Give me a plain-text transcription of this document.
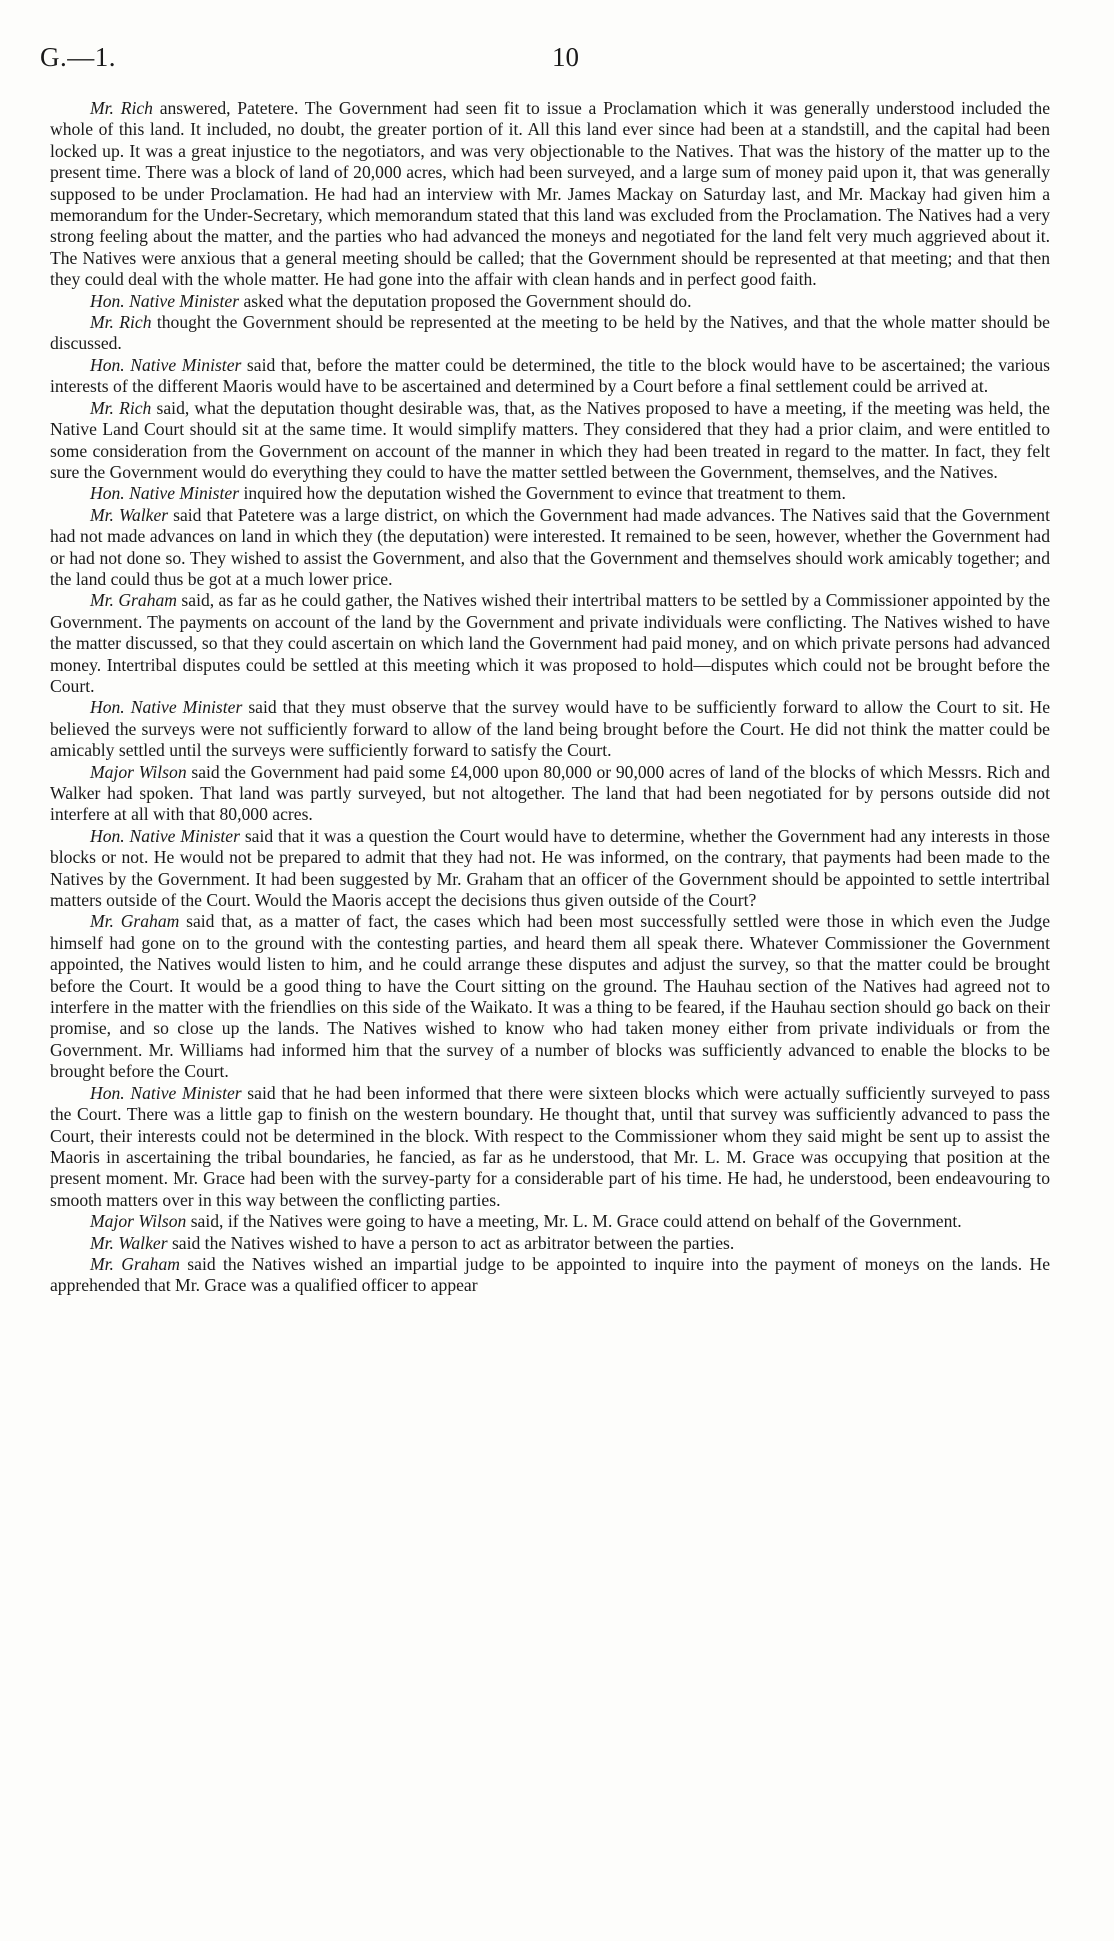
G.—1.	10

Mr. Rich answered, Patetere. The Government had seen fit to issue a Proclamation which it was generally understood included the whole of this land. It included, no doubt, the greater portion of it. All this land ever since had been at a standstill, and the capital had been locked up. It was a great injustice to the negotiators, and was very objectionable to the Natives. That was the history of the matter up to the present time. There was a block of land of 20,000 acres, which had been surveyed, and a large sum of money paid upon it, that was generally supposed to be under Proclamation. He had had an interview with Mr. James Mackay on Saturday last, and Mr. Mackay had given him a memorandum for the Under-Secretary, which memorandum stated that this land was excluded from the Proclamation. The Natives had a very strong feeling about the matter, and the parties who had advanced the moneys and negotiated for the land felt very much aggrieved about it. The Natives were anxious that a general meeting should be called; that the Government should be represented at that meeting; and that then they could deal with the whole matter. He had gone into the affair with clean hands and in perfect good faith.

Hon. Native Minister asked what the deputation proposed the Government should do.

Mr. Rich thought the Government should be represented at the meeting to be held by the Natives, and that the whole matter should be discussed.

Hon. Native Minister said that, before the matter could be determined, the title to the block would have to be ascertained; the various interests of the different Maoris would have to be ascertained and determined by a Court before a final settlement could be arrived at.

Mr. Rich said, what the deputation thought desirable was, that, as the Natives proposed to have a meeting, if the meeting was held, the Native Land Court should sit at the same time. It would simplify matters. They considered that they had a prior claim, and were entitled to some consideration from the Government on account of the manner in which they had been treated in regard to the matter. In fact, they felt sure the Government would do everything they could to have the matter settled between the Government, themselves, and the Natives.

Hon. Native Minister inquired how the deputation wished the Government to evince that treatment to them.

Mr. Walker said that Patetere was a large district, on which the Government had made advances. The Natives said that the Government had not made advances on land in which they (the deputation) were interested. It remained to be seen, however, whether the Government had or had not done so. They wished to assist the Government, and also that the Government and themselves should work amicably together; and the land could thus be got at a much lower price.

Mr. Graham said, as far as he could gather, the Natives wished their intertribal matters to be settled by a Commissioner appointed by the Government. The payments on account of the land by the Government and private individuals were conflicting. The Natives wished to have the matter discussed, so that they could ascertain on which land the Government had paid money, and on which private persons had advanced money. Intertribal disputes could be settled at this meeting which it was proposed to hold—disputes which could not be brought before the Court.

Hon. Native Minister said that they must observe that the survey would have to be sufficiently forward to allow the Court to sit. He believed the surveys were not sufficiently forward to allow of the land being brought before the Court. He did not think the matter could be amicably settled until the surveys were sufficiently forward to satisfy the Court.

Major Wilson said the Government had paid some £4,000 upon 80,000 or 90,000 acres of land of the blocks of which Messrs. Rich and Walker had spoken. That land was partly surveyed, but not altogether. The land that had been negotiated for by persons outside did not interfere at all with that 80,000 acres.

Hon. Native Minister said that it was a question the Court would have to determine, whether the Government had any interests in those blocks or not. He would not be prepared to admit that they had not. He was informed, on the contrary, that payments had been made to the Natives by the Government. It had been suggested by Mr. Graham that an officer of the Government should be appointed to settle intertribal matters outside of the Court. Would the Maoris accept the decisions thus given outside of the Court?

Mr. Graham said that, as a matter of fact, the cases which had been most successfully settled were those in which even the Judge himself had gone on to the ground with the contesting parties, and heard them all speak there. Whatever Commissioner the Government appointed, the Natives would listen to him, and he could arrange these disputes and adjust the survey, so that the matter could be brought before the Court. It would be a good thing to have the Court sitting on the ground. The Hauhau section of the Natives had agreed not to interfere in the matter with the friendlies on this side of the Waikato. It was a thing to be feared, if the Hauhau section should go back on their promise, and so close up the lands. The Natives wished to know who had taken money either from private individuals or from the Government. Mr. Williams had informed him that the survey of a number of blocks was sufficiently advanced to enable the blocks to be brought before the Court.

Hon. Native Minister said that he had been informed that there were sixteen blocks which were actually sufficiently surveyed to pass the Court. There was a little gap to finish on the western boundary. He thought that, until that survey was sufficiently advanced to pass the Court, their interests could not be determined in the block. With respect to the Commissioner whom they said might be sent up to assist the Maoris in ascertaining the tribal boundaries, he fancied, as far as he understood, that Mr. L. M. Grace was occupying that position at the present moment. Mr. Grace had been with the survey-party for a considerable part of his time. He had, he understood, been endeavouring to smooth matters over in this way between the conflicting parties.

Major Wilson said, if the Natives were going to have a meeting, Mr. L. M. Grace could attend on behalf of the Government.

Mr. Walker said the Natives wished to have a person to act as arbitrator between the parties.

Mr. Graham said the Natives wished an impartial judge to be appointed to inquire into the payment of moneys on the lands. He apprehended that Mr. Grace was a qualified officer to appear
